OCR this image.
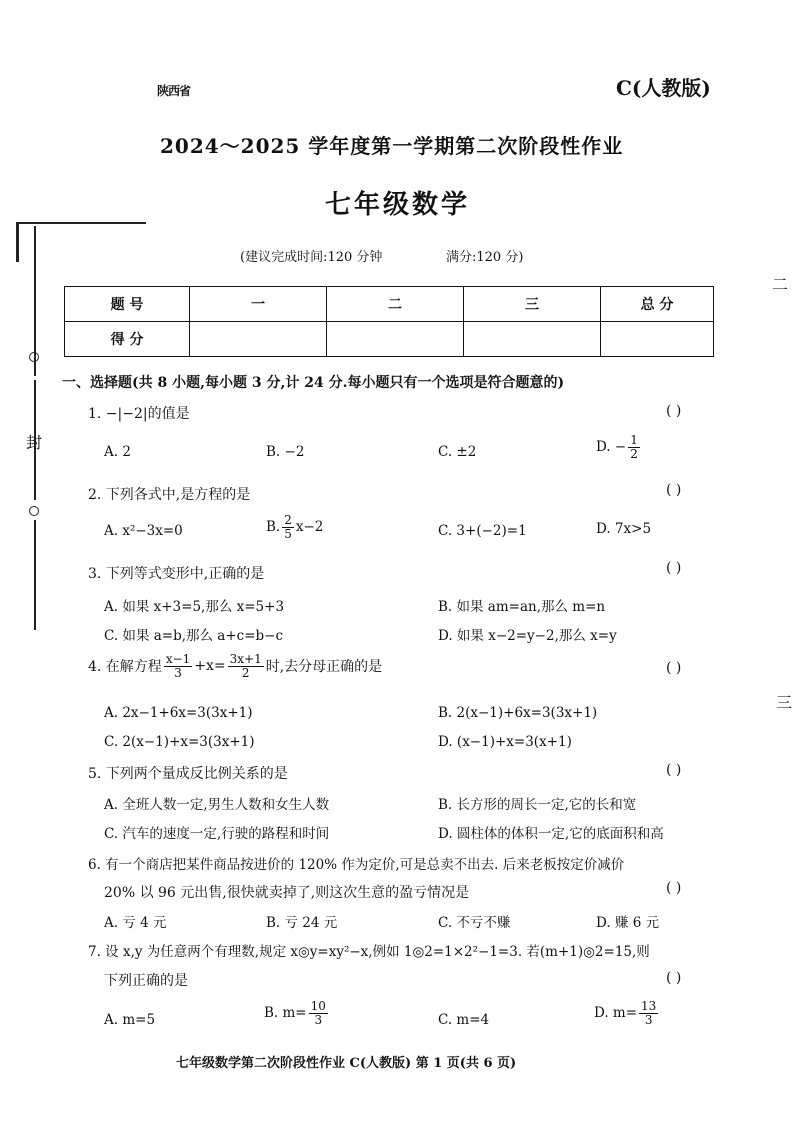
陕西省	C(人教版)
2024～2025 学年度第一学期第二次阶段性作业
七年级数学
(建议完成时间:120 分钟	满分:120 分)
题 号	一	二	三	总 分
得 分				
封
二
三
一、选择题(共 8 小题,每小题 3 分,计 24 分.每小题只有一个选项是符合题意的)
1. −|−2|的值是	( )
A. 2	B. −2	C. ±2	D. − $\frac{1}{2}$
2. 下列各式中,是方程的是	( )
A. x²−3x=0	B. $\frac{2}{5} x-2$	C. 3+(−2)=1	D. 7x>5
3. 下列等式变形中,正确的是	( )
A. 如果 x+3=5,那么 x=5+3	B. 如果 am=an,那么 m=n
C. 如果 a=b,那么 a+c=b−c	D. 如果 x−2=y−2,那么 x=y
4. 在解方程 $\frac{x-1}{3} +x= \frac{3x+1}{2}$ 时,去分母正确的是	( )
A. 2x−1+6x=3(3x+1)	B. 2(x−1)+6x=3(3x+1)
C. 2(x−1)+x=3(3x+1)	D. (x−1)+x=3(x+1)
5. 下列两个量成反比例关系的是	( )
A. 全班人数一定,男生人数和女生人数	B. 长方形的周长一定,它的长和宽
C. 汽车的速度一定,行驶的路程和时间	D. 圆柱体的体积一定,它的底面积和高
6. 有一个商店把某件商品按进价的 120% 作为定价,可是总卖不出去. 后来老板按定价减价
20% 以 96 元出售,很快就卖掉了,则这次生意的盈亏情况是	( )
A. 亏 4 元	B. 亏 24 元	C. 不亏不赚	D. 赚 6 元
7. 设 x,y 为任意两个有理数,规定 x◎y=xy²−x,例如 1◎2=1×2²−1=3. 若(m+1)◎2=15,则
下列正确的是	( )
A. m=5	B. $m= \frac{10}{3}$	C. m=4	D. $m= \frac{13}{3}$
七年级数学第二次阶段性作业 C(人教版) 第 1 页(共 6 页)
